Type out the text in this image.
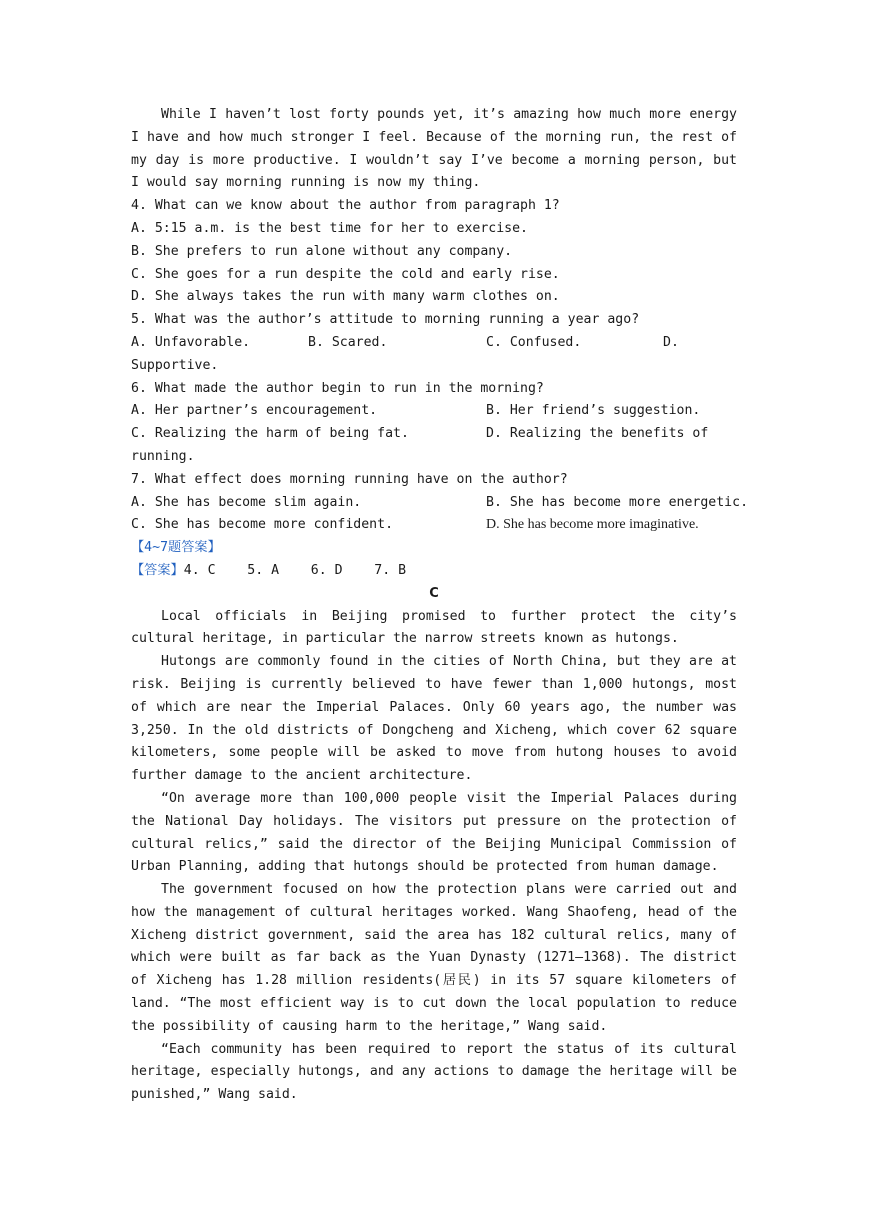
While I haven’t lost forty pounds yet, it’s amazing how much more energy I have and how much stronger I feel. Because of the morning run, the rest of my day is more productive. I wouldn’t say I’ve become a morning person, but I would say morning running is now my thing.

4. What can we know about the author from paragraph 1?

A. 5:15 a.m. is the best time for her to exercise.

B. She prefers to run alone without any company.

C. She goes for a run despite the cold and early rise.

D. She always takes the run with many warm clothes on.

5. What was the author’s attitude to morning running a year ago?

A. Unfavorable.	B. Scared.	C. Confused.	D.

Supportive.

6. What made the author begin to run in the morning?

A. Her partner’s encouragement.	B. Her friend’s suggestion.
C. Realizing the harm of being fat.	D. Realizing the benefits of

running.

7. What effect does morning running have on the author?

A. She has become slim again.	B. She has become more energetic.
C. She has become more confident.	D. She has become more imaginative.

【4~7题答案】

【答案】4. C    5. A    6. D    7. B

C

Local officials in Beijing promised to further protect the city’s cultural heritage, in particular the narrow streets known as hutongs.

Hutongs are commonly found in the cities of North China, but they are at risk. Beijing is currently believed to have fewer than 1,000 hutongs, most of which are near the Imperial Palaces. Only 60 years ago, the number was 3,250. In the old districts of Dongcheng and Xicheng, which cover 62 square kilometers, some people will be asked to move from hutong houses to avoid further damage to the ancient architecture.

“On average more than 100,000 people visit the Imperial Palaces during the National Day holidays. The visitors put pressure on the protection of cultural relics,” said the director of the Beijing Municipal Commission of Urban Planning, adding that hutongs should be protected from human damage.

The government focused on how the protection plans were carried out and how the management of cultural heritages worked. Wang Shaofeng, head of the Xicheng district government, said the area has 182 cultural relics, many of which were built as far back as the Yuan Dynasty (1271—1368). The district of Xicheng has 1.28 million residents(居民) in its 57 square kilometers of land. “The most efficient way is to cut down the local population to reduce the possibility of causing harm to the heritage,” Wang said.

“Each community has been required to report the status of its cultural heritage, especially hutongs, and any actions to damage the heritage will be punished,” Wang said.
